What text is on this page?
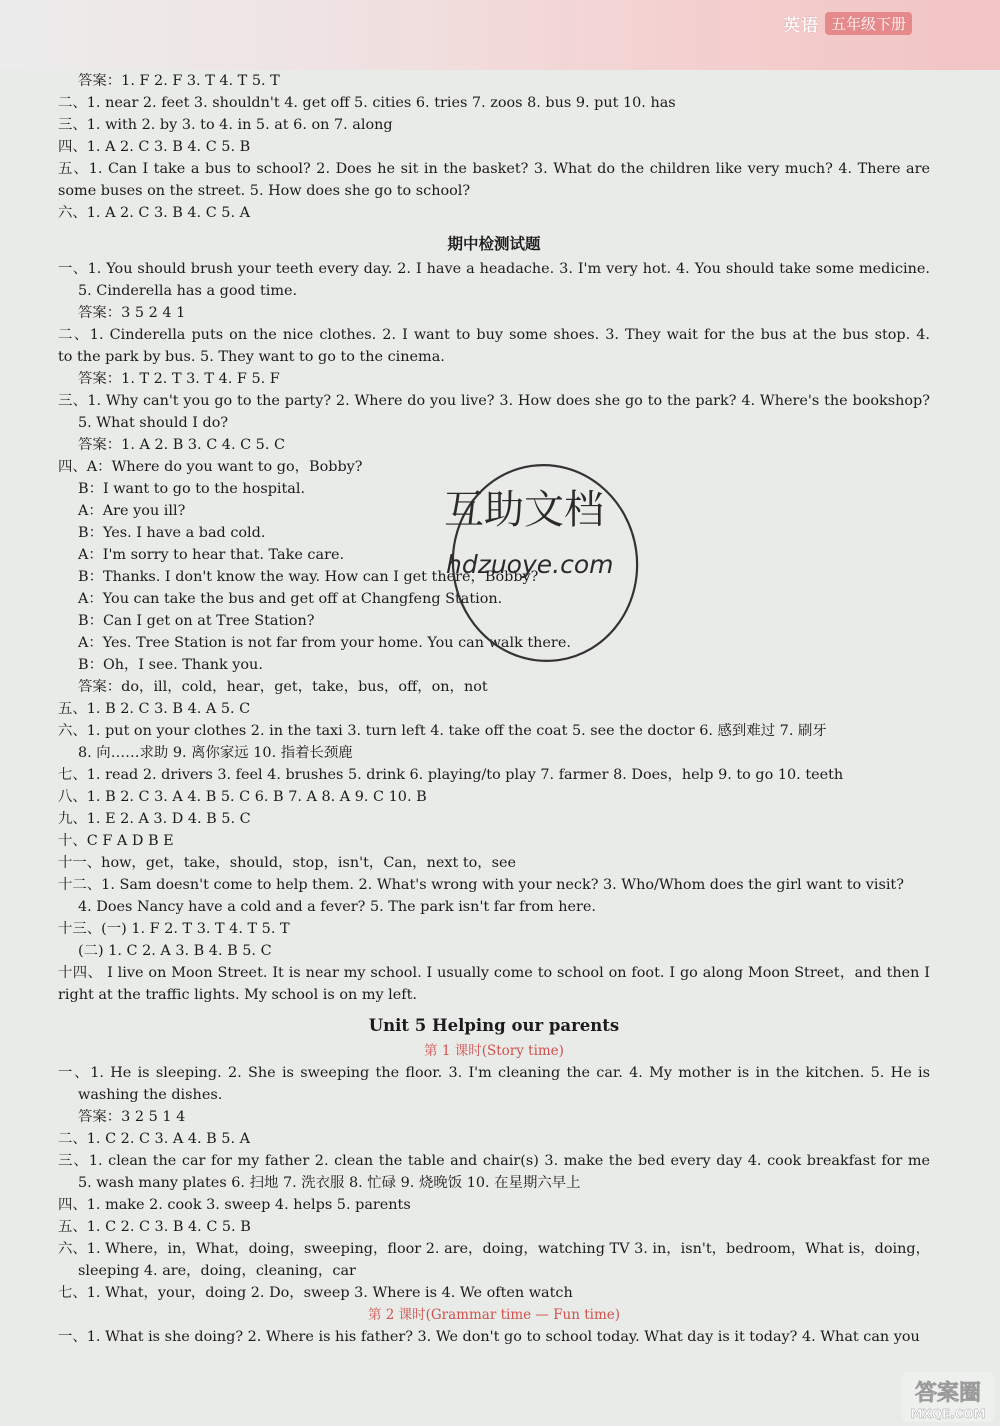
英语 五年级下册
答案：1. F 2. F 3. T 4. T 5. T
二、1. near 2. feet 3. shouldn't 4. get off 5. cities 6. tries 7. zoos 8. bus 9. put 10. has
三、1. with 2. by 3. to 4. in 5. at 6. on 7. along
四、1. A 2. C 3. B 4. C 5. B
五、1. Can I take a bus to school? 2. Does he sit in the basket? 3. What do the children like very much? 4. There are
some buses on the street. 5. How does she go to school?
六、1. A 2. C 3. B 4. C 5. A
期中检测试题
一、1. You should brush your teeth every day. 2. I have a headache. 3. I'm very hot. 4. You should take some medicine.
5. Cinderella has a good time.
答案：3 5 2 4 1
二、1. Cinderella puts on the nice clothes. 2. I want to buy some shoes. 3. They wait for the bus at the bus stop. 4.
to the park by bus. 5. They want to go to the cinema.
答案：1. T 2. T 3. T 4. F 5. F
三、1. Why can't you go to the party? 2. Where do you live? 3. How does she go to the park? 4. Where's the bookshop?
5. What should I do?
答案：1. A 2. B 3. C 4. C 5. C
四、A：Where do you want to go，Bobby?
B：I want to go to the hospital.
A：Are you ill?
B：Yes. I have a bad cold.
A：I'm sorry to hear that. Take care.
B：Thanks. I don't know the way. How can I get there，Bobby?
A：You can take the bus and get off at Changfeng Station.
B：Can I get on at Tree Station?
A：Yes. Tree Station is not far from your home. You can walk there.
B：Oh，I see. Thank you.
答案：do，ill，cold，hear，get，take，bus，off，on，not
五、1. B 2. C 3. B 4. A 5. C
六、1. put on your clothes 2. in the taxi 3. turn left 4. take off the coat 5. see the doctor 6. 感到难过 7. 刷牙
8. 向……求助 9. 离你家远 10. 指着长颈鹿
七、1. read 2. drivers 3. feel 4. brushes 5. drink 6. playing/to play 7. farmer 8. Does，help 9. to go 10. teeth
八、1. B 2. C 3. A 4. B 5. C 6. B 7. A 8. A 9. C 10. B
九、1. E 2. A 3. D 4. B 5. C
十、C F A D B E
十一、how，get，take，should，stop，isn't，Can，next to，see
十二、1. Sam doesn't come to help them. 2. What's wrong with your neck? 3. Who/Whom does the girl want to visit?
4. Does Nancy have a cold and a fever? 5. The park isn't far from here.
十三、(一) 1. F 2. T 3. T 4. T 5. T
(二) 1. C 2. A 3. B 4. B 5. C
十四、 I live on Moon Street. It is near my school. I usually come to school on foot. I go along Moon Street，and then I
right at the traffic lights. My school is on my left.
Unit 5 Helping our parents
第 1 课时(Story time)
一、1. He is sleeping. 2. She is sweeping the floor. 3. I'm cleaning the car. 4. My mother is in the kitchen. 5. He is
washing the dishes.
答案：3 2 5 1 4
二、1. C 2. C 3. A 4. B 5. A
三、1. clean the car for my father 2. clean the table and chair(s) 3. make the bed every day 4. cook breakfast for me
5. wash many plates 6. 扫地 7. 洗衣服 8. 忙碌 9. 烧晚饭 10. 在星期六早上
四、1. make 2. cook 3. sweep 4. helps 5. parents
五、1. C 2. C 3. B 4. C 5. B
六、1. Where，in，What，doing，sweeping，floor 2. are，doing，watching TV 3. in，isn't，bedroom，What is，doing，
sleeping 4. are，doing，cleaning，car
七、1. What，your，doing 2. Do，sweep 3. Where is 4. We often watch
第 2 课时(Grammar time — Fun time)
一、1. What is she doing? 2. Where is his father? 3. We don't go to school today. What day is it today? 4. What can you
互助文档
hdzuoye.com
答案圈
MXQE.COM
